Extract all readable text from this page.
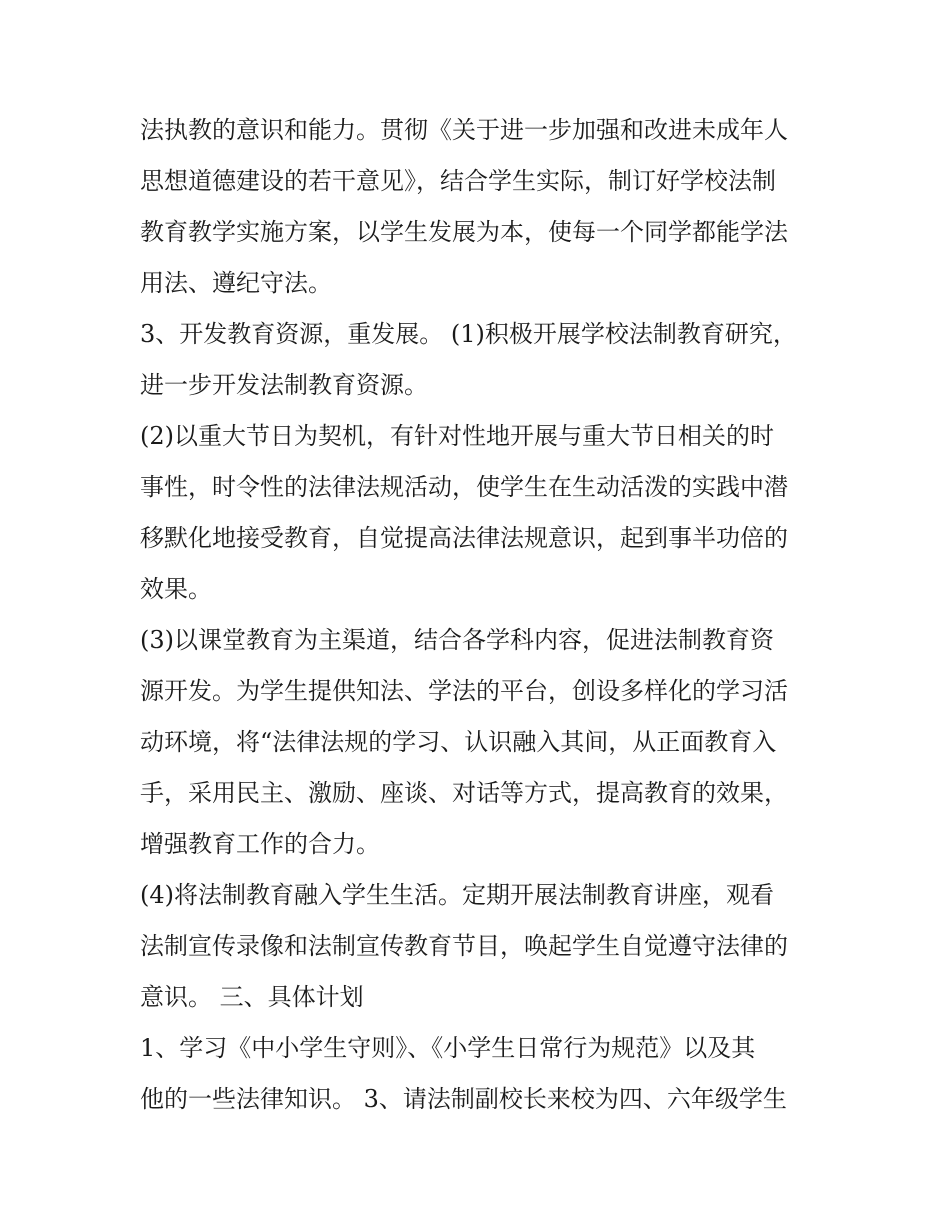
法执教的意识和能力。贯彻《关于进一步加强和改进未成年人
思想道德建设的若干意见》，结合学生实际，制订好学校法制
教育教学实施方案，以学生发展为本，使每一个同学都能学法
用法、遵纪守法。
3、开发教育资源，重发展。 (1)积极开展学校法制教育研究，
进一步开发法制教育资源。
(2)以重大节日为契机，有针对性地开展与重大节日相关的时
事性，时令性的法律法规活动，使学生在生动活泼的实践中潜
移默化地接受教育，自觉提高法律法规意识，起到事半功倍的
效果。
(3)以课堂教育为主渠道，结合各学科内容，促进法制教育资
源开发。为学生提供知法、学法的平台，创设多样化的学习活
动环境，将“法律法规的学习、认识融入其间，从正面教育入
手，采用民主、激励、座谈、对话等方式，提高教育的效果，
增强教育工作的合力。
(4)将法制教育融入学生生活。定期开展法制教育讲座，观看
法制宣传录像和法制宣传教育节目，唤起学生自觉遵守法律的
意识。 三、具体计划
1、学习《中小学生守则》、《小学生日常行为规范》以及其
他的一些法律知识。 3、请法制副校长来校为四、六年级学生
